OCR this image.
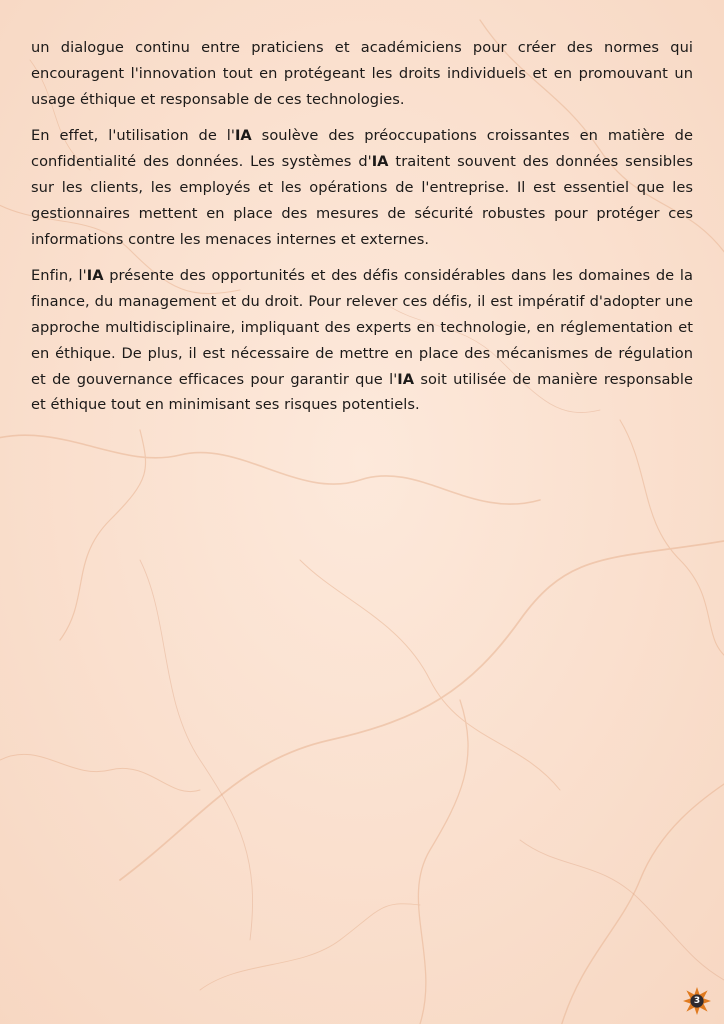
un dialogue continu entre praticiens et académiciens pour créer des normes qui encouragent l'innovation tout en protégeant les droits individuels et en promouvant un usage éthique et responsable de ces technologies.

En effet, l'utilisation de l'IA soulève des préoccupations croissantes en matière de confidentialité des données. Les systèmes d'IA traitent souvent des données sensibles sur les clients, les employés et les opérations de l'entreprise. Il est essentiel que les gestionnaires mettent en place des mesures de sécurité robustes pour protéger ces informations contre les menaces internes et externes.

Enfin, l'IA présente des opportunités et des défis considérables dans les domaines de la finance, du management et du droit. Pour relever ces défis, il est impératif d'adopter une approche multidisciplinaire, impliquant des experts en technologie, en réglementation et en éthique. De plus, il est nécessaire de mettre en place des mécanismes de régulation et de gouvernance efficaces pour garantir que l'IA soit utilisée de manière responsable et éthique tout en minimisant ses risques potentiels.

3
